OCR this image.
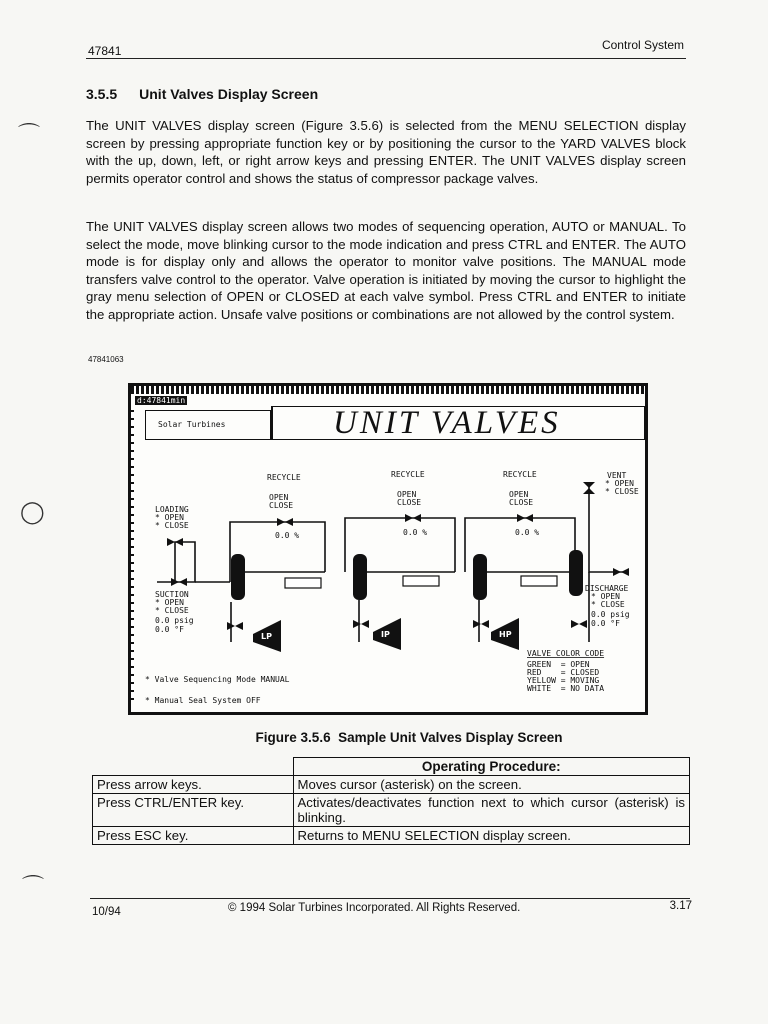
47841	Control System
3.5.5 Unit Valves Display Screen
The UNIT VALVES display screen (Figure 3.5.6) is selected from the MENU SELECTION display screen by pressing appropriate function key or by positioning the cursor to the YARD VALVES block with the up, down, left, or right arrow keys and pressing ENTER. The UNIT VALVES display screen permits operator control and shows the status of compressor package valves.
The UNIT VALVES display screen allows two modes of sequencing operation, AUTO or MANUAL. To select the mode, move blinking cursor to the mode indication and press CTRL and ENTER. The AUTO mode is for display only and allows the operator to monitor valve positions. The MANUAL mode transfers valve control to the operator. Valve operation is initiated by moving the cursor to highlight the gray menu selection of OPEN or CLOSED at each valve symbol. Press CTRL and ENTER to initiate the appropriate action. Unsafe valve positions or combinations are not allowed by the control system.
47841063
d:47841min
Solar Turbines	UNIT VALVES
RECYCLE	RECYCLE	RECYCLE
OPEN
CLOSE
OPEN
CLOSE
OPEN
CLOSE
0.0 %	0.0 %	0.0 %
VENT
* OPEN
* CLOSE
LOADING
* OPEN
* CLOSE
SUCTION
* OPEN
* CLOSE
0.0 psig
0.0 °F
DISCHARGE
* OPEN
* CLOSE
0.0 psig
0.0 °F
* Valve Sequencing Mode MANUAL
* Manual Seal System OFF
VALVE COLOR CODE
GREEN  = OPEN
RED    = CLOSED
YELLOW = MOVING
WHITE  = NO DATA
LP	IP	HP
Figure 3.5.6 Sample Unit Valves Display Screen
	Operating Procedure:
Press arrow keys.	Moves cursor (asterisk) on the screen.
Press CTRL/ENTER key.	Activates/deactivates function next to which cursor (asterisk) is blinking.
Press ESC key.	Returns to MENU SELECTION display screen.
10/94	© 1994 Solar Turbines Incorporated. All Rights Reserved.	3.17
⌒
◯
⌒
